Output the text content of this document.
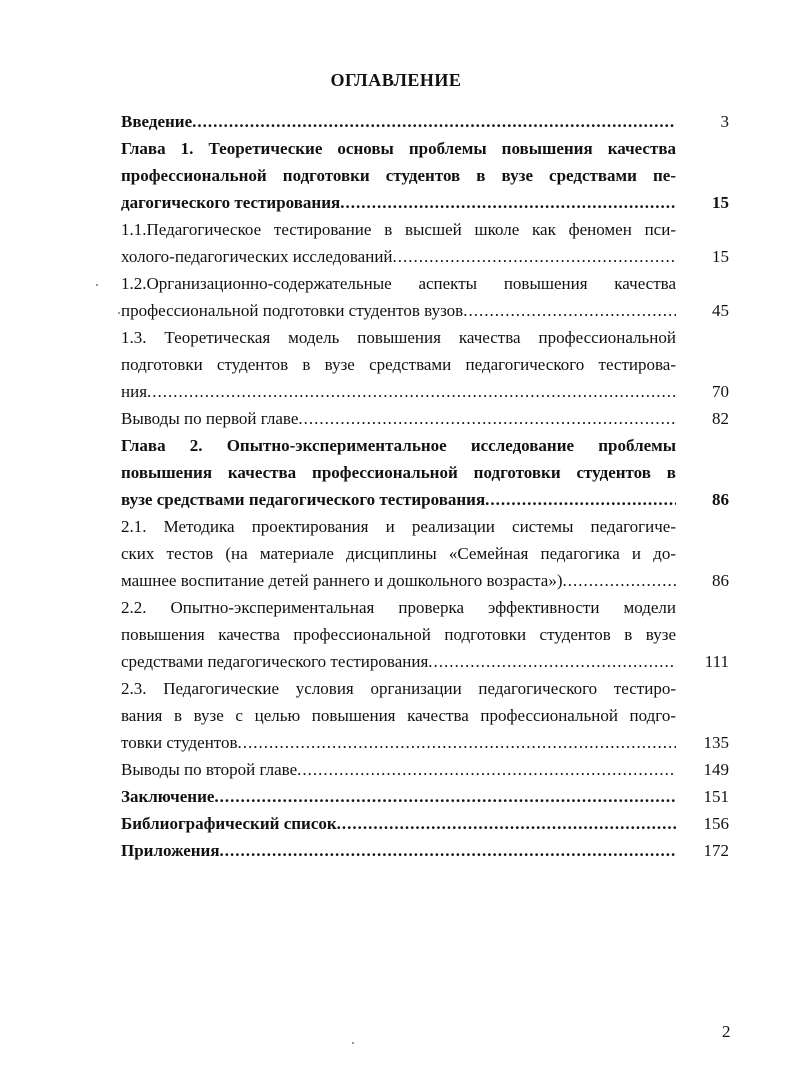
ОГЛАВЛЕНИЕ
Введение .....	3
Глава 1. Теоретические основы проблемы повышения качества
профессиональной подготовки студентов в вузе средствами пе-
дагогического тестирования .....	15
1.1.Педагогическое тестирование в высшей школе как феномен пси-
холого-педагогических исследований .....	15
1.2.Организационно-содержательные аспекты повышения качества
профессиональной подготовки студентов вузов .....	45
1.3. Теоретическая модель повышения качества профессиональной
подготовки студентов в вузе средствами педагогического тестирова-
ния .....	70
Выводы по первой главе .....	82
Глава 2. Опытно-экспериментальное исследование проблемы
повышения качества профессиональной подготовки студентов в
вузе средствами педагогического тестирования .....	86
2.1. Методика проектирования и реализации системы педагогиче-
ских тестов (на материале дисциплины «Семейная педагогика и до-
машнее воспитание детей раннего и дошкольного возраста») .....	86
2.2. Опытно-экспериментальная проверка эффективности модели
повышения качества профессиональной подготовки студентов в вузе
средствами педагогического тестирования .....	111
2.3. Педагогические условия организации педагогического тестиро-
вания в вузе с целью повышения качества профессиональной подго-
товки студентов .....	135
Выводы по второй главе .....	149
Заключение .....	151
Библиографический список .....	156
Приложения .....	172
2
